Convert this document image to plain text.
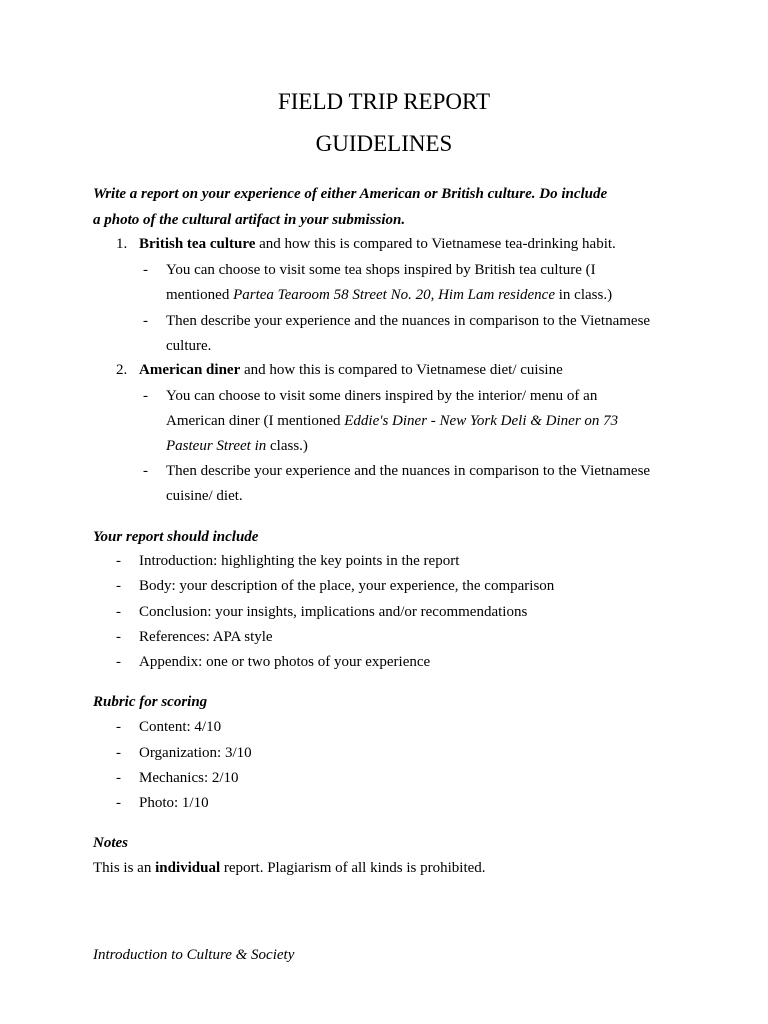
FIELD TRIP REPORT
GUIDELINES
Write a report on your experience of either American or British culture. Do include
a photo of the cultural artifact in your submission.
1. British tea culture and how this is compared to Vietnamese tea-drinking habit.
- You can choose to visit some tea shops inspired by British tea culture (I
mentioned Partea Tearoom 58 Street No. 20, Him Lam residence in class.)
- Then describe your experience and the nuances in comparison to the Vietnamese
culture.
2. American diner and how this is compared to Vietnamese diet/ cuisine
- You can choose to visit some diners inspired by the interior/ menu of an
American diner (I mentioned Eddie's Diner - New York Deli & Diner on 73
Pasteur Street in class.)
- Then describe your experience and the nuances in comparison to the Vietnamese
cuisine/ diet.
Your report should include
- Introduction: highlighting the key points in the report
- Body: your description of the place, your experience, the comparison
- Conclusion: your insights, implications and/or recommendations
- References: APA style
- Appendix: one or two photos of your experience
Rubric for scoring
- Content: 4/10
- Organization: 3/10
- Mechanics: 2/10
- Photo: 1/10
Notes
This is an individual report. Plagiarism of all kinds is prohibited.
Introduction to Culture & Society
